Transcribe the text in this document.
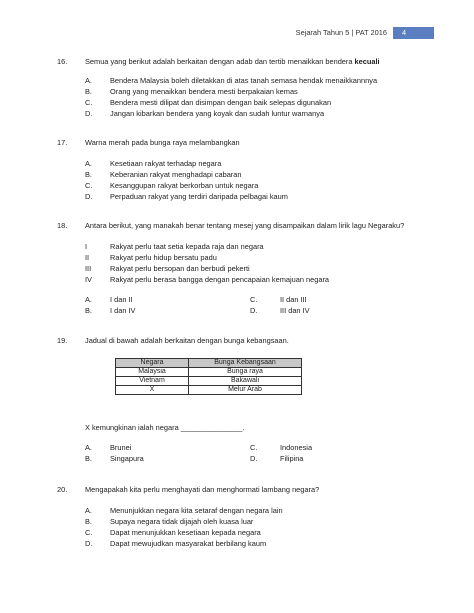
Sejarah Tahun 5 | PAT 2016	4
16. Semua yang berikut adalah berkaitan dengan adab dan tertib menaikkan bendera kecuali
A. Bendera Malaysia boleh diletakkan di atas tanah semasa hendak menaikkannnya
B. Orang yang menaikkan bendera mesti berpakaian kemas
C. Bendera mesti dilipat dan disimpan dengan baik selepas digunakan
D. Jangan kibarkan bendera yang koyak dan sudah luntur warnanya
17. Warna merah pada bunga raya melambangkan
A. Kesetiaan rakyat terhadap negara
B. Keberanian rakyat menghadapi cabaran
C. Kesanggupan rakyat berkorban untuk negara
D. Perpaduan rakyat yang terdiri daripada pelbagai kaum
18. Antara berikut, yang manakah benar tentang mesej yang disampaikan dalam lirik lagu Negaraku?
I	Rakyat perlu taat setia kepada raja dan negara
II	Rakyat perlu hidup bersatu padu
III	Rakyat perlu bersopan dan berbudi pekerti
IV Rakyat perlu berasa bangga dengan pencapaian kemajuan negara
A. I dan II	C.	II dan III
B. I dan IV	D.	III dan IV
19. Jadual di bawah adalah berkaitan dengan bunga kebangsaan.
Negara	Bunga Kebangsaan
Malaysia	Bunga raya
Vietnam	Bakawali
X	Melur Arab
X kemungkinan ialah negara _______________.
A. Brunei	C.	Indonesia
B. Singapura	D.	Filipina
20. Mengapakah kita perlu menghayati dan menghormati lambang negara?
A. Menunjukkan negara kita setaraf dengan negara lain
B. Supaya negara tidak dijajah oleh kuasa luar
C. Dapat menunjukkan kesetiaan kepada negara
D. Dapat mewujudkan masyarakat berbilang kaum
